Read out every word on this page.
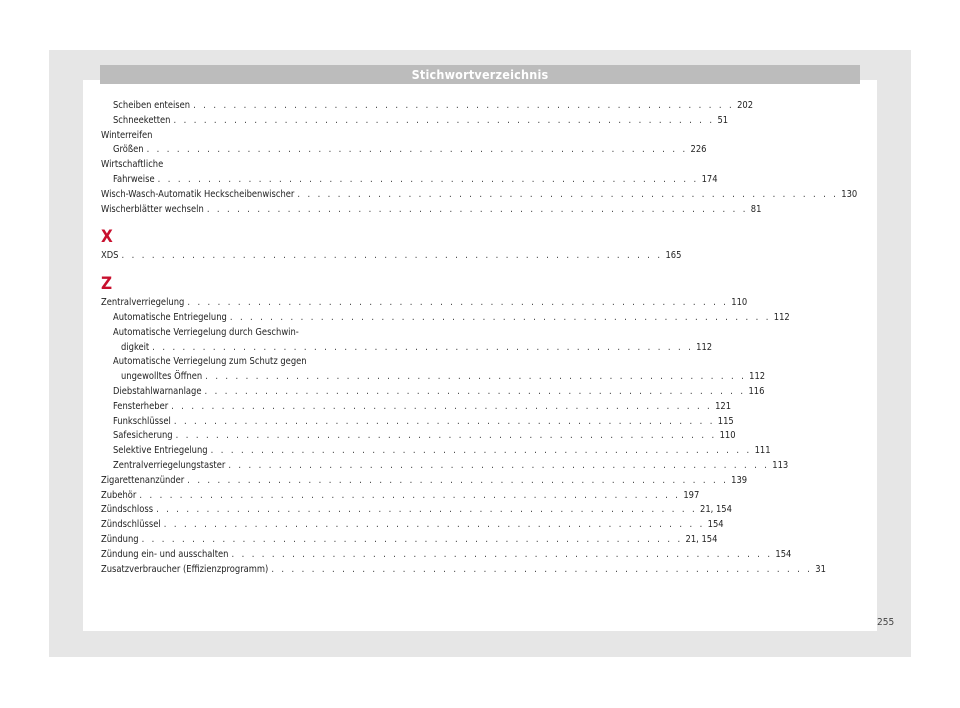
Stichwortverzeichnis
Scheiben enteisen . . . . . . . . . . . . . . . . . . . . . . . . . . . . . . . . . . . . . . . . . . . . . . . . . . . . . . 202
Schneeketten . . . . . . . . . . . . . . . . . . . . . . . . . . . . . . . . . . . . . . . . . . . . . . . . . . . . . . 51
Winterreifen
Größen . . . . . . . . . . . . . . . . . . . . . . . . . . . . . . . . . . . . . . . . . . . . . . . . . . . . . . 226
Wirtschaftliche
Fahrweise . . . . . . . . . . . . . . . . . . . . . . . . . . . . . . . . . . . . . . . . . . . . . . . . . . . . . . 174
Wisch-Wasch-Automatik Heckscheibenwischer . . . . . . . . . . . . . . . . . . . . . . . . . . . . . . . . . . . . . . . . . . . . . . . . . . . . . . 130
Wischerblätter wechseln . . . . . . . . . . . . . . . . . . . . . . . . . . . . . . . . . . . . . . . . . . . . . . . . . . . . . . 81
X
XDS . . . . . . . . . . . . . . . . . . . . . . . . . . . . . . . . . . . . . . . . . . . . . . . . . . . . . . 165
Z
Zentralverriegelung . . . . . . . . . . . . . . . . . . . . . . . . . . . . . . . . . . . . . . . . . . . . . . . . . . . . . . 110
Automatische Entriegelung . . . . . . . . . . . . . . . . . . . . . . . . . . . . . . . . . . . . . . . . . . . . . . . . . . . . . . 112
Automatische Verriegelung durch Geschwin-
digkeit . . . . . . . . . . . . . . . . . . . . . . . . . . . . . . . . . . . . . . . . . . . . . . . . . . . . . . 112
Automatische Verriegelung zum Schutz gegen
ungewolltes Öffnen . . . . . . . . . . . . . . . . . . . . . . . . . . . . . . . . . . . . . . . . . . . . . . . . . . . . . . 112
Diebstahlwarnanlage . . . . . . . . . . . . . . . . . . . . . . . . . . . . . . . . . . . . . . . . . . . . . . . . . . . . . . 116
Fensterheber . . . . . . . . . . . . . . . . . . . . . . . . . . . . . . . . . . . . . . . . . . . . . . . . . . . . . . 121
Funkschlüssel . . . . . . . . . . . . . . . . . . . . . . . . . . . . . . . . . . . . . . . . . . . . . . . . . . . . . . 115
Safesicherung . . . . . . . . . . . . . . . . . . . . . . . . . . . . . . . . . . . . . . . . . . . . . . . . . . . . . . 110
Selektive Entriegelung . . . . . . . . . . . . . . . . . . . . . . . . . . . . . . . . . . . . . . . . . . . . . . . . . . . . . . 111
Zentralverriegelungstaster . . . . . . . . . . . . . . . . . . . . . . . . . . . . . . . . . . . . . . . . . . . . . . . . . . . . . . 113
Zigarettenanzünder . . . . . . . . . . . . . . . . . . . . . . . . . . . . . . . . . . . . . . . . . . . . . . . . . . . . . . 139
Zubehör . . . . . . . . . . . . . . . . . . . . . . . . . . . . . . . . . . . . . . . . . . . . . . . . . . . . . . 197
Zündschloss . . . . . . . . . . . . . . . . . . . . . . . . . . . . . . . . . . . . . . . . . . . . . . . . . . . . . . 21, 154
Zündschlüssel . . . . . . . . . . . . . . . . . . . . . . . . . . . . . . . . . . . . . . . . . . . . . . . . . . . . . . 154
Zündung . . . . . . . . . . . . . . . . . . . . . . . . . . . . . . . . . . . . . . . . . . . . . . . . . . . . . . 21, 154
Zündung ein- und ausschalten . . . . . . . . . . . . . . . . . . . . . . . . . . . . . . . . . . . . . . . . . . . . . . . . . . . . . . 154
Zusatzverbraucher (Effizienzprogramm) . . . . . . . . . . . . . . . . . . . . . . . . . . . . . . . . . . . . . . . . . . . . . . . . . . . . . . 31
255
